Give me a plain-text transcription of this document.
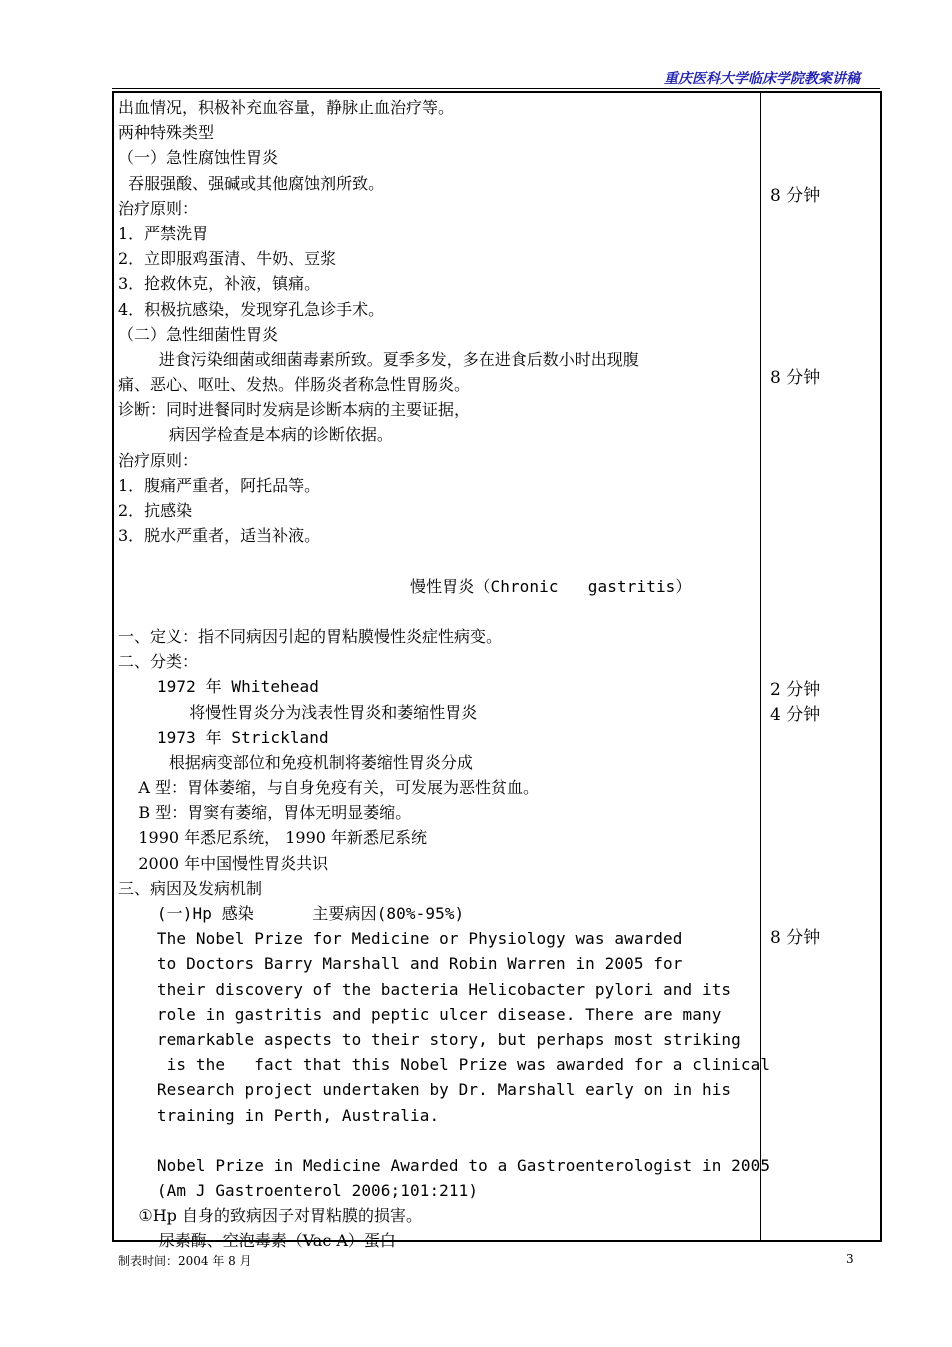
重庆医科大学临床学院教案讲稿
出血情况，积极补充血容量，静脉止血治疗等。
两种特殊类型
（一）急性腐蚀性胃炎
吞服强酸、强碱或其他腐蚀剂所致。
治疗原则：
1．严禁洗胃
2．立即服鸡蛋清、牛奶、豆浆
3．抢救休克，补液，镇痛。
4．积极抗感染，发现穿孔急诊手术。
（二）急性细菌性胃炎
进食污染细菌或细菌毒素所致。夏季多发，多在进食后数小时出现腹
痛、恶心、呕吐、发热。伴肠炎者称急性胃肠炎。
诊断：同时进餐同时发病是诊断本病的主要证据，
病因学检查是本病的诊断依据。
治疗原则：
1．腹痛严重者，阿托品等。
2．抗感染
3．脱水严重者，适当补液。
慢性胃炎（Chronic   gastritis）
一、定义：指不同病因引起的胃粘膜慢性炎症性病变。
二、分类：
1972 年 Whitehead
将慢性胃炎分为浅表性胃炎和萎缩性胃炎
1973 年 Strickland
根据病变部位和免疫机制将萎缩性胃炎分成
A 型：胃体萎缩，与自身免疫有关，可发展为恶性贫血。
B 型：胃窦有萎缩，胃体无明显萎缩。
1990 年悉尼系统， 1990 年新悉尼系统
2000 年中国慢性胃炎共识
三、病因及发病机制
(一)Hp 感染      主要病因(80%-95%)
The Nobel Prize for Medicine or Physiology was awarded
to Doctors Barry Marshall and Robin Warren in 2005 for
their discovery of the bacteria Helicobacter pylori and its
role in gastritis and peptic ulcer disease. There are many
remarkable aspects to their story, but perhaps most striking
is the   fact that this Nobel Prize was awarded for a clinical
Research project undertaken by Dr. Marshall early on in his
training in Perth, Australia.
Nobel Prize in Medicine Awarded to a Gastroenterologist in 2005
(Am J Gastroenterol 2006;101:211)
①Hp 自身的致病因子对胃粘膜的损害。
尿素酶、空泡毒素（Vac A）蛋白
8 分钟
8 分钟
2 分钟
4 分钟
8 分钟
制表时间：2004 年 8 月	3
